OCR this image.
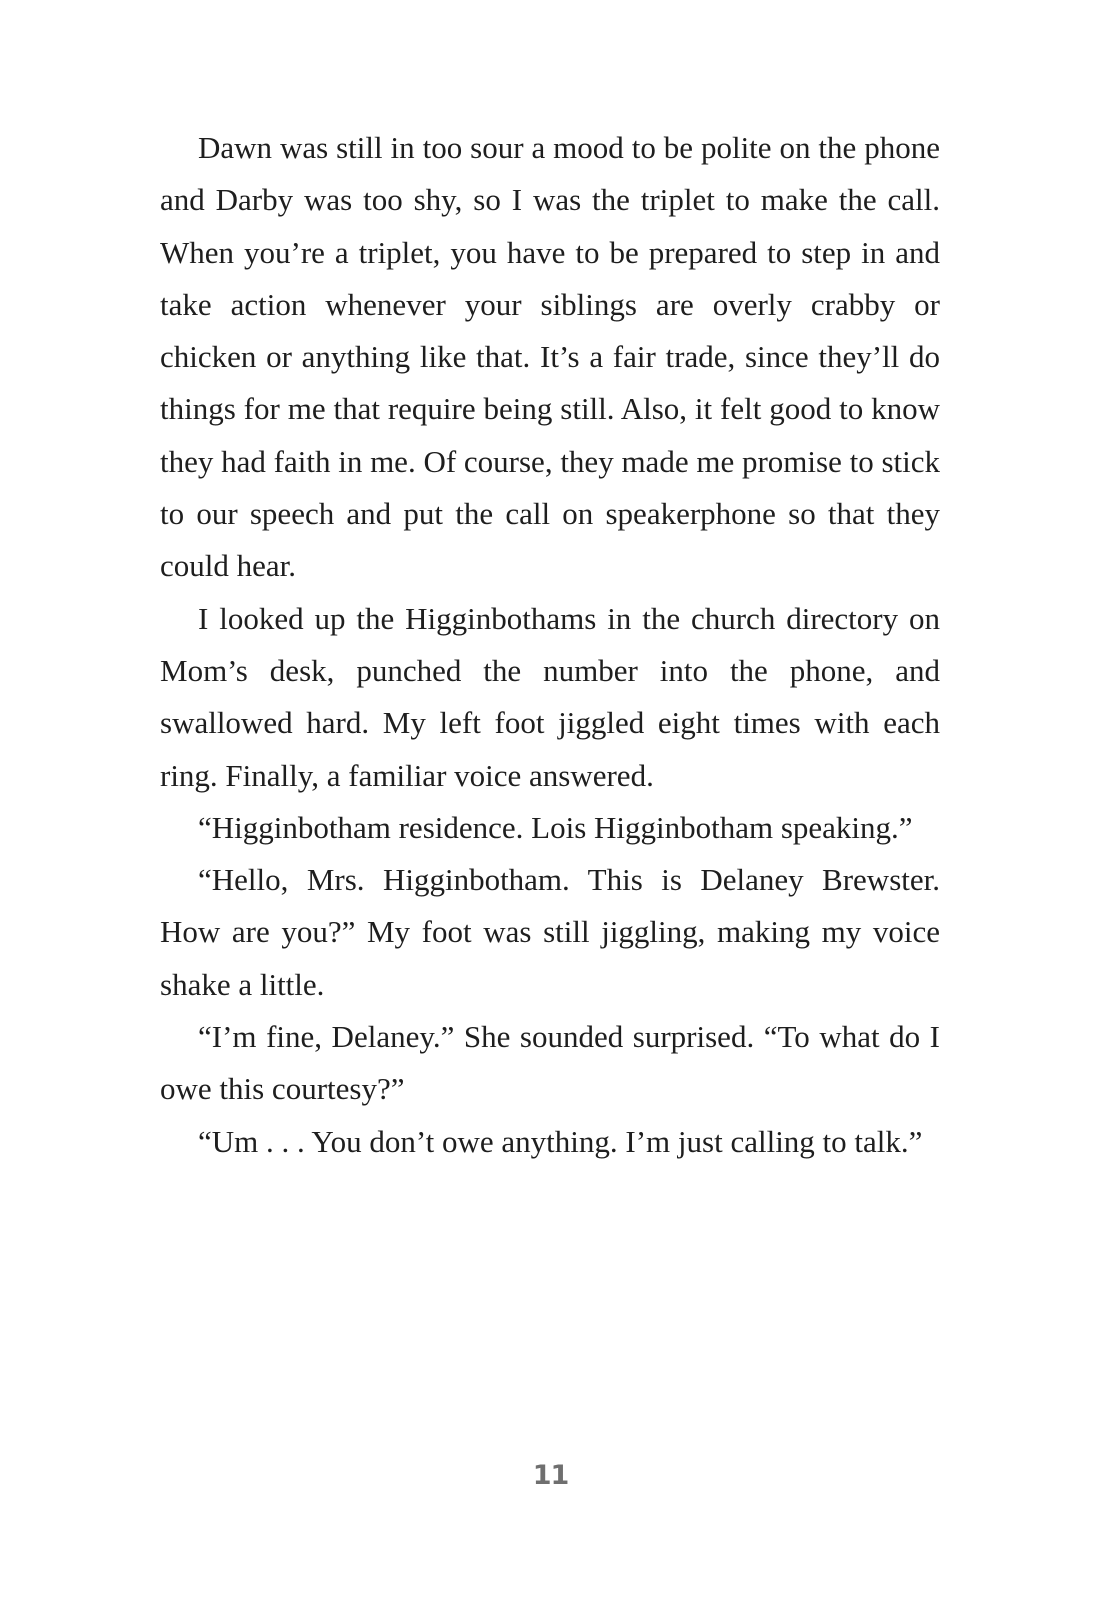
Dawn was still in too sour a mood to be polite on the phone and Darby was too shy, so I was the triplet to make the call. When you’re a triplet, you have to be prepared to step in and take action whenever your siblings are overly crabby or chicken or anything like that. It’s a fair trade, since they’ll do things for me that require being still. Also, it felt good to know they had faith in me. Of course, they made me promise to stick to our speech and put the call on speakerphone so that they could hear.

I looked up the Higginbothams in the church directory on Mom’s desk, punched the number into the phone, and swallowed hard. My left foot jiggled eight times with each ring. Finally, a familiar voice answered.

“Higginbotham residence. Lois Higginbotham speaking.”

“Hello, Mrs. Higginbotham. This is Delaney Brewster. How are you?” My foot was still jiggling, making my voice shake a little.

“I’m fine, Delaney.” She sounded surprised. “To what do I owe this courtesy?”

“Um . . . You don’t owe anything. I’m just calling to talk.”

11
